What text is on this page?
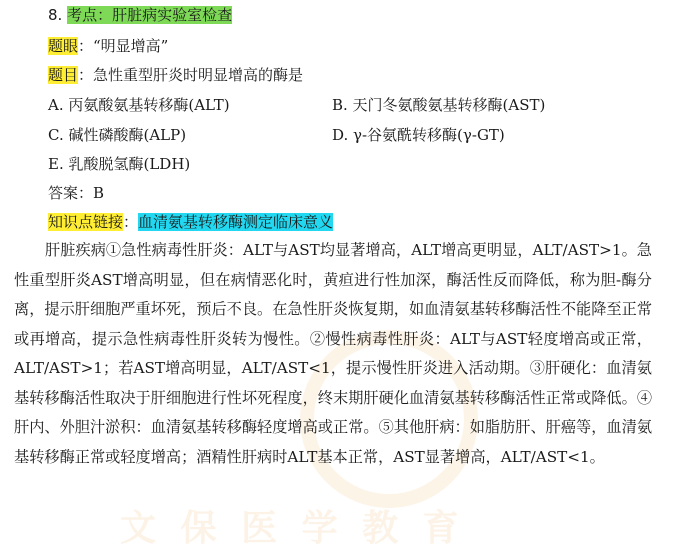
文 保 医 学 教 育
8. 考点：肝脏病实验室检查
题眼：“明显增高”
题目：急性重型肝炎时明显增高的酶是
A. 丙氨酸氨基转移酶(ALT)	B. 天门冬氨酸氨基转移酶(AST)
C. 碱性磷酸酶(ALP)	D. γ-谷氨酰转移酶(γ-GT)
E. 乳酸脱氢酶(LDH)
答案：B
知识点链接：血清氨基转移酶测定临床意义
肝脏疾病①急性病毒性肝炎：ALT与AST均显著增高，ALT增高更明显，ALT/AST>1。急性重型肝炎AST增高明显，但在病情恶化时，黄疸进行性加深，酶活性反而降低，称为胆-酶分离，提示肝细胞严重坏死，预后不良。在急性肝炎恢复期，如血清氨基转移酶活性不能降至正常或再增高，提示急性病毒性肝炎转为慢性。②慢性病毒性肝炎：ALT与AST轻度增高或正常，ALT/AST>1；若AST增高明显，ALT/AST<1，提示慢性肝炎进入活动期。③肝硬化：血清氨基转移酶活性取决于肝细胞进行性坏死程度，终末期肝硬化血清氨基转移酶活性正常或降低。④肝内、外胆汁淤积：血清氨基转移酶轻度增高或正常。⑤其他肝病：如脂肪肝、肝癌等，血清氨基转移酶正常或轻度增高；酒精性肝病时ALT基本正常，AST显著增高，ALT/AST<1。
